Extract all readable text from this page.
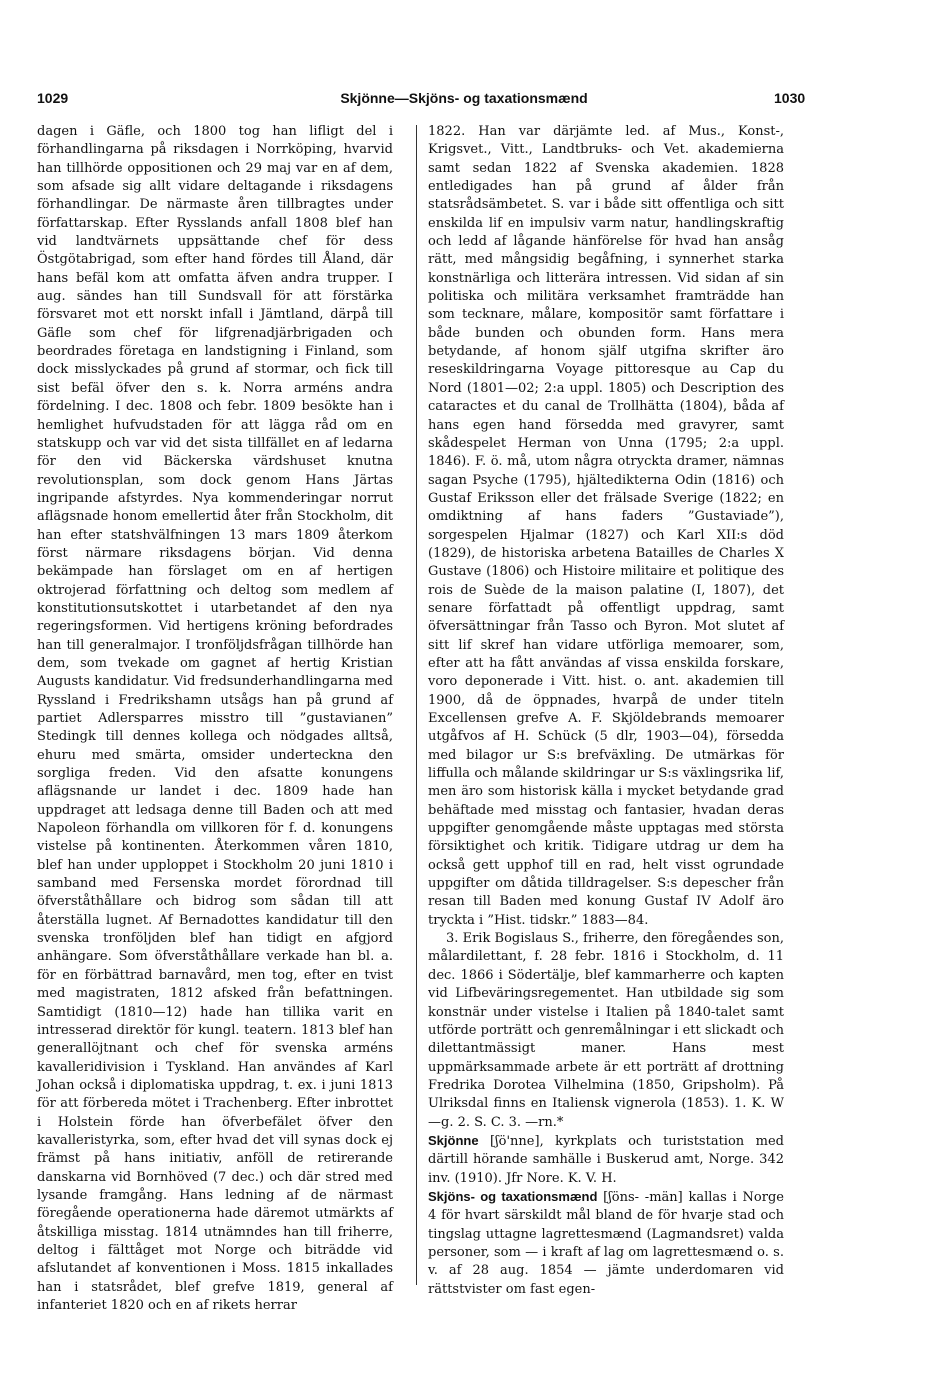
1029	Skjönne—Skjöns- og taxationsmænd	1030

dagen i Gäfle, och 1800 tog han lifligt del i förhandlingarna på riksdagen i Norrköping, hvarvid han tillhörde oppositionen och 29 maj var en af dem, som afsade sig allt vidare deltagande i riksdagens förhandlingar. De närmaste åren tillbragtes under författarskap. Efter Rysslands anfall 1808 blef han vid landtvärnets uppsättande chef för dess Östgötabrigad, som efter hand fördes till Åland, där hans befäl kom att omfatta äfven andra trupper. I aug. sändes han till Sundsvall för att förstärka försvaret mot ett norskt infall i Jämtland, därpå till Gäfle som chef för lifgrenadjärbrigaden och beordrades företaga en landstigning i Finland, som dock misslyckades på grund af stormar, och fick till sist befäl öfver den s. k. Norra arméns andra fördelning. I dec. 1808 och febr. 1809 besökte han i hemlighet hufvudstaden för att lägga råd om en statskupp och var vid det sista tillfället en af ledarna för den vid Bäckerska värdshuset knutna revolutionsplan, som dock genom Hans Järtas ingripande afstyrdes. Nya kommenderingar norrut aflägsnade honom emellertid åter från Stockholm, dit han efter statshvälfningen 13 mars 1809 återkom först närmare riksdagens början. Vid denna bekämpade han förslaget om en af hertigen oktrojerad författning och deltog som medlem af konstitutionsutskottet i utarbetandet af den nya regeringsformen. Vid hertigens kröning befordrades han till generalmajor. I tronföljdsfrågan tillhörde han dem, som tvekade om gagnet af hertig Kristian Augusts kandidatur. Vid fredsunderhandlingarna med Ryssland i Fredrikshamn utsågs han på grund af partiet Adlersparres misstro till ”gustavianen” Stedingk till dennes kollega och nödgades alltså, ehuru med smärta, omsider underteckna den sorgliga freden. Vid den afsatte konungens aflägsnande ur landet i dec. 1809 hade han uppdraget att ledsaga denne till Baden och att med Napoleon förhandla om villkoren för f. d. konungens vistelse på kontinenten. Återkommen våren 1810, blef han under upploppet i Stockholm 20 juni 1810 i samband med Fersenska mordet förordnad till öfverståthållare och bidrog som sådan till att återställa lugnet. Af Bernadottes kandidatur till den svenska tronföljden blef han tidigt en afgjord anhängare. Som öfverståthållare verkade han bl. a. för en förbättrad barnavård, men tog, efter en tvist med magistraten, 1812 afsked från befattningen. Samtidigt (1810—12) hade han tillika varit en intresserad direktör för kungl. teatern. 1813 blef han generallöjtnant och chef för svenska arméns kavalleridivision i Tyskland. Han användes af Karl Johan också i diplomatiska uppdrag, t. ex. i juni 1813 för att förbereda mötet i Trachenberg. Efter inbrottet i Holstein förde han öfverbefälet öfver den kavalleristyrka, som, efter hvad det vill synas dock ej främst på hans initiativ, anföll de retirerande danskarna vid Bornhöved (7 dec.) och där stred med lysande framgång. Hans ledning af de närmast föregående operationerna hade däremot utmärkts af åtskilliga misstag. 1814 utnämndes han till friherre, deltog i fälttåget mot Norge och biträdde vid afslutandet af konventionen i Moss. 1815 inkallades han i statsrådet, blef grefve 1819, general af infanteriet 1820 och en af rikets herrar

1822. Han var därjämte led. af Mus., Konst-, Krigsvet., Vitt., Landtbruks- och Vet. akademierna samt sedan 1822 af Svenska akademien. 1828 entledigades han på grund af ålder från statsrådsämbetet. S. var i både sitt offentliga och sitt enskilda lif en impulsiv varm natur, handlingskraftig och ledd af lågande hänförelse för hvad han ansåg rätt, med mångsidig begåfning, i synnerhet starka konstnärliga och litterära intressen. Vid sidan af sin politiska och militära verksamhet framträdde han som tecknare, målare, kompositör samt författare i både bunden och obunden form. Hans mera betydande, af honom själf utgifna skrifter äro reseskildringarna Voyage pittoresque au Cap du Nord (1801—02; 2:a uppl. 1805) och Description des cataractes et du canal de Trollhätta (1804), båda af hans egen hand försedda med gravyrer, samt skådespelet Herman von Unna (1795; 2:a uppl. 1846). F. ö. må, utom några otryckta dramer, nämnas sagan Psyche (1795), hjältedikterna Odin (1816) och Gustaf Eriksson eller det frälsade Sverige (1822; en omdiktning af hans faders ”Gustaviade”), sorgespelen Hjalmar (1827) och Karl XII:s död (1829), de historiska arbetena Batailles de Charles X Gustave (1806) och Histoire militaire et politique des rois de Suède de la maison palatine (I, 1807), det senare författadt på offentligt uppdrag, samt öfversättningar från Tasso och Byron. Mot slutet af sitt lif skref han vidare utförliga memoarer, som, efter att ha fått användas af vissa enskilda forskare, voro deponerade i Vitt. hist. o. ant. akademien till 1900, då de öppnades, hvarpå de under titeln Excellensen grefve A. F. Skjöldebrands memoarer utgåfvos af H. Schück (5 dlr, 1903—04), försedda med bilagor ur S:s brefväxling. De utmärkas för liffulla och målande skildringar ur S:s växlingsrika lif, men äro som historisk källa i mycket betydande grad behäftade med misstag och fantasier, hvadan deras uppgifter genomgående måste upptagas med största försiktighet och kritik. Tidigare utdrag ur dem ha också gett upphof till en rad, helt visst ogrundade uppgifter om dåtida tilldragelser. S:s depescher från resan till Baden med konung Gustaf IV Adolf äro tryckta i ”Hist. tidskr.” 1883—84.

3. Erik Bogislaus S., friherre, den föregåendes son, målardilettant, f. 28 febr. 1816 i Stockholm, d. 11 dec. 1866 i Södertälje, blef kammarherre och kapten vid Lifbeväringsregementet. Han utbildade sig som konstnär under vistelse i Italien på 1840-talet samt utförde porträtt och genremålningar i ett slickadt och dilettantmässigt maner. Hans mest uppmärksammade arbete är ett porträtt af drottning Fredrika Dorotea Vilhelmina (1850, Gripsholm). På Ulriksdal finns en Italiensk vignerola (1853). 1. K. W—g. 2. S. C. 3. —rn.*

Skjönne [ʃö'nne], kyrkplats och turiststation med därtill hörande samhälle i Buskerud amt, Norge. 342 inv. (1910). Jfr Nore. K. V. H.

Skjöns- og taxationsmænd [ʃöns- -män] kallas i Norge 4 för hvart särskildt mål bland de för hvarje stad och tingslag uttagne lagrettesmænd (Lagmandsret) valda personer, som — i kraft af lag om lagrettesmænd o. s. v. af 28 aug. 1854 — jämte underdomaren vid rättstvister om fast egen-
